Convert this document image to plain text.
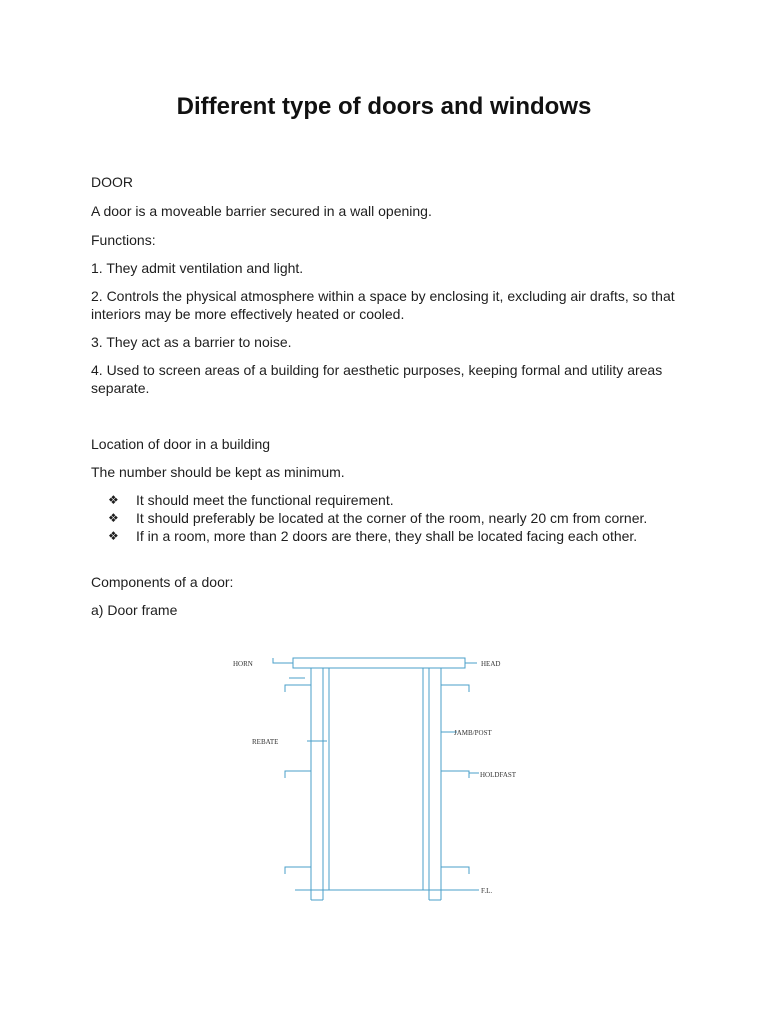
Different type of doors and windows

DOOR

A door is a moveable barrier secured in a wall opening.

Functions:

1. They admit ventilation and light.

2. Controls the physical atmosphere within a space by enclosing it, excluding air drafts, so that interiors may be more effectively heated or cooled.

3. They act as a barrier to noise.

4. Used to screen areas of a building for aesthetic purposes, keeping formal and utility areas separate.

Location of door in a building

The number should be kept as minimum.

❖ It should meet the functional requirement.
❖ It should preferably be located at the corner of the room, nearly 20 cm from corner.
❖ If in a room, more than 2 doors are there, they shall be located facing each other.

Components of a door:

a) Door frame

HORN	HEAD
REBATE
JAMB/POST
HOLDFAST
F.L.
